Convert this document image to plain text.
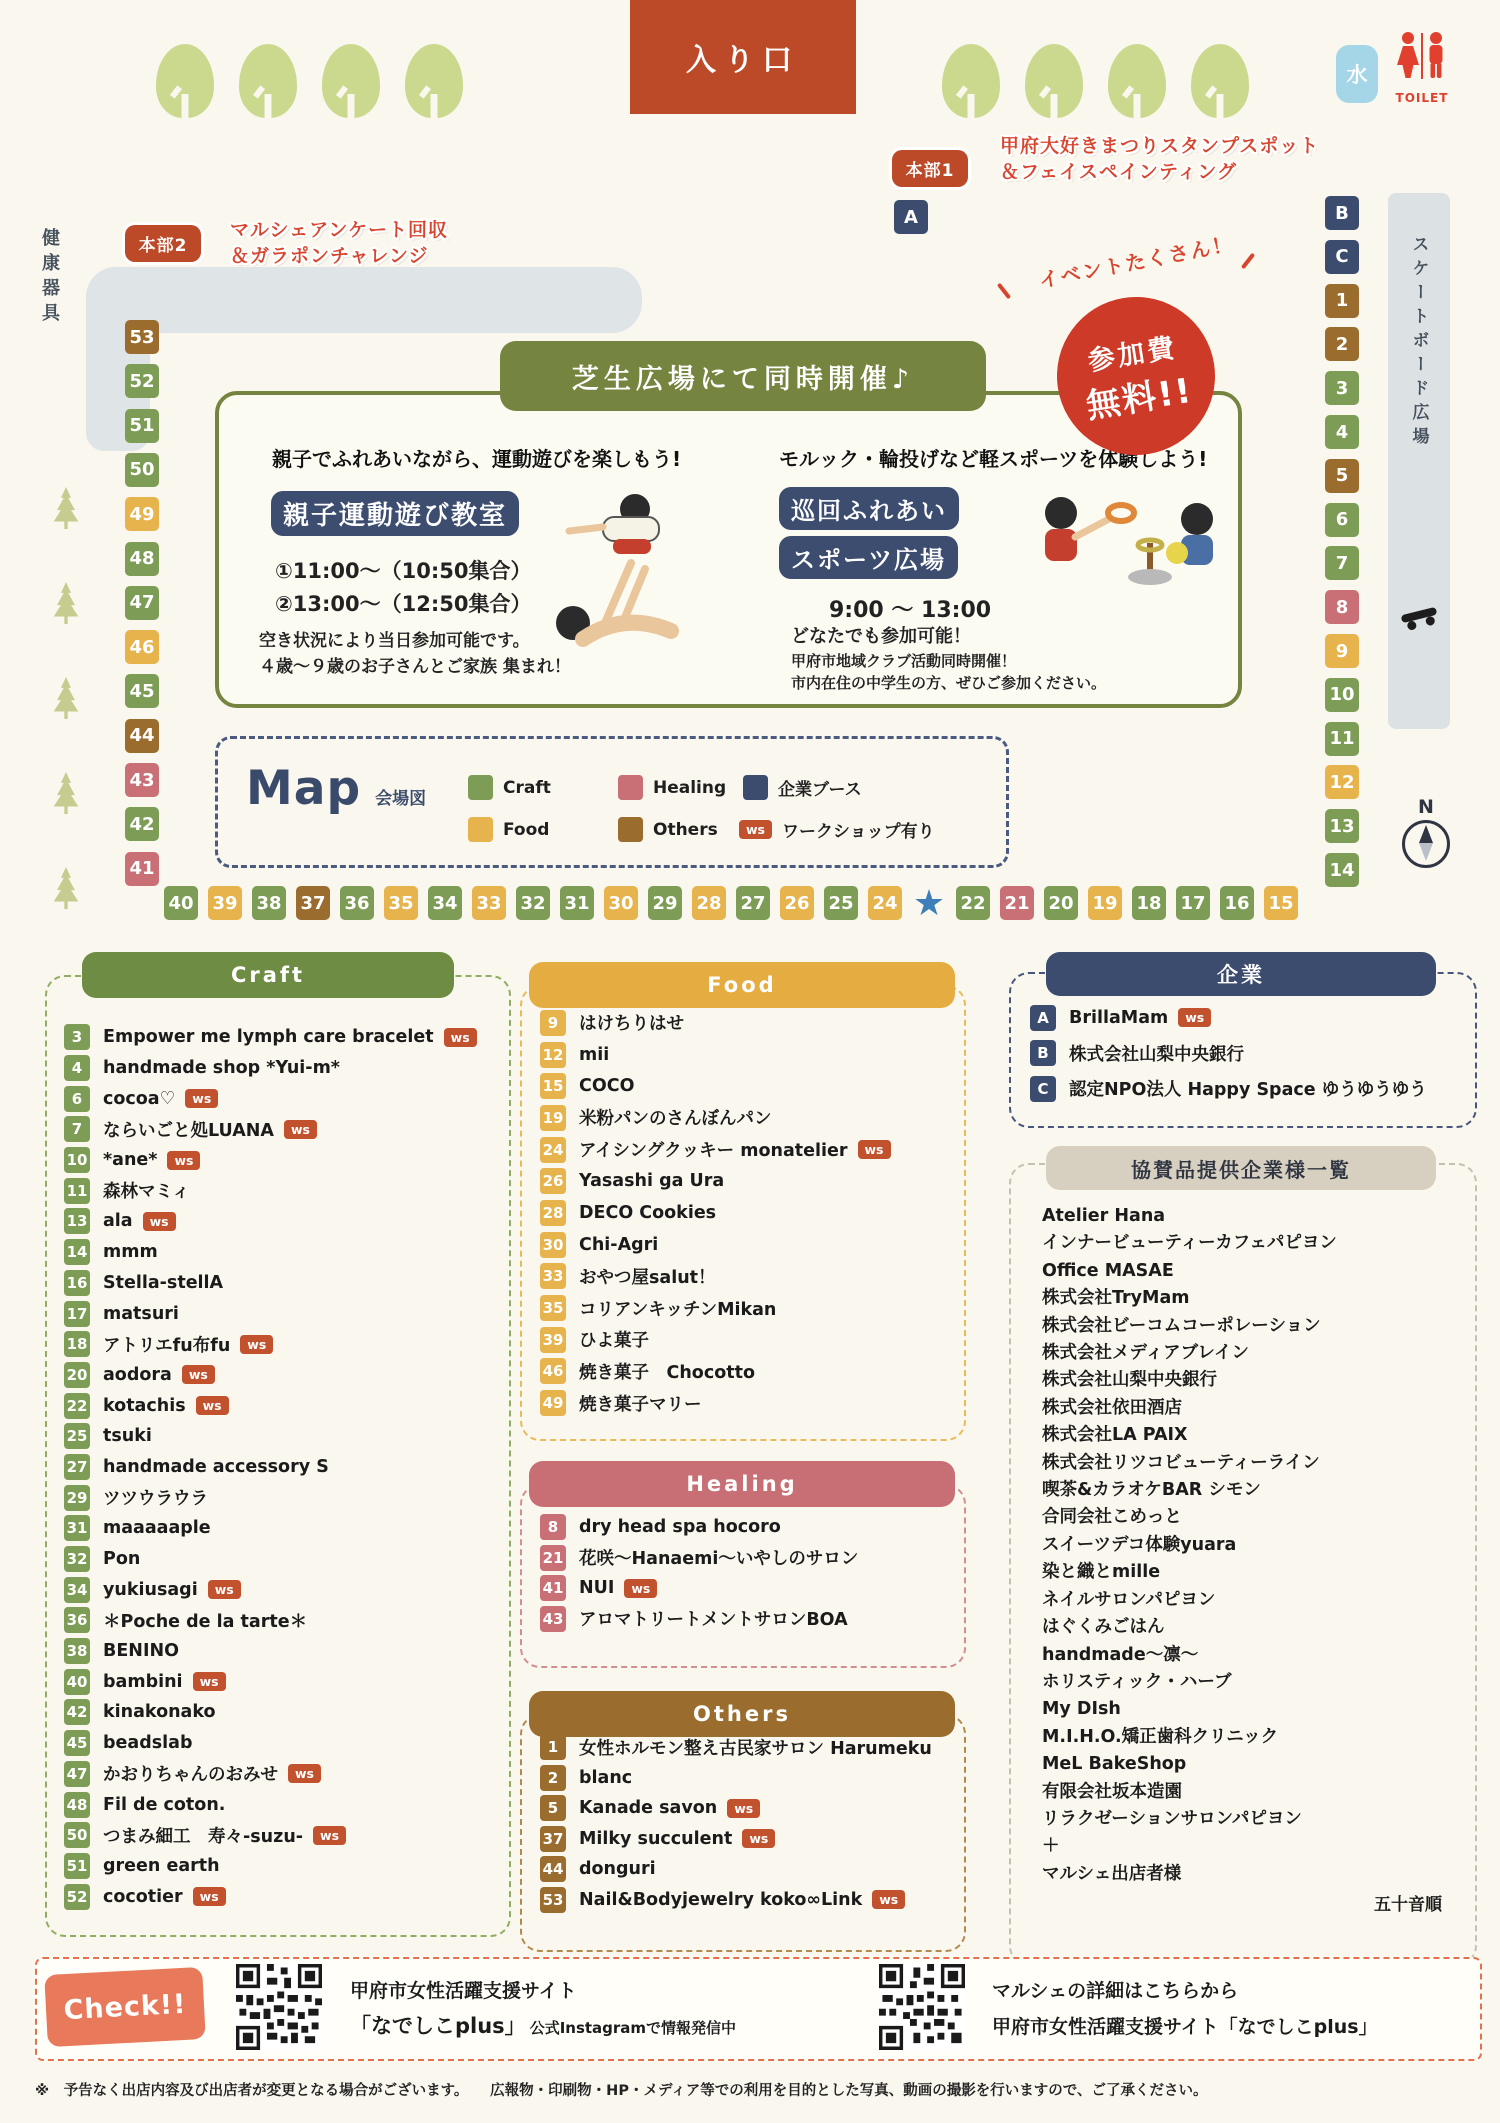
入り口	水
TOILET
本部1
甲府大好きまつりスタンプスポット
＆フェイスペインティング
本部2
マルシェアンケート回収
＆ガラポンチャレンジ
A
健康器具	スケートボード広場
N
53
52
51
50
49
48
47
46
45
44
43
42
41
B
C
1
2
3
4
5
6
7
8
9
10
11
12
13
14
40 39 38 37 36 35 34 33 32 31 30 29 28 27 26 25 24 ★ 22 21 20 19 18 17 16 15
親子でふれあいながら、運動遊びを楽しもう!
親子運動遊び教室
①11:00～（10:50集合）
②13:00～（12:50集合）
空き状況により当日参加可能です。
４歳〜９歳のお子さんとご家族 集まれ！
モルック・輪投げなど軽スポーツを体験しよう!
巡回ふれあい
スポーツ広場
9:00 ～ 13:00
どなたでも参加可能！
甲府市地域クラブ活動同時開催！
市内在住の中学生の方、ぜひご参加ください。
芝生広場にて同時開催♪
イベントたくさん！
参加費
無料!!
Map 会場図
Craft	Healing	企業ブース
Food	Others	ws	ワークショップ有り
Craft
3	Empower me lymph care bracelet	ws
4	handmade shop *Yui-m*
6	cocoa♡	ws
7	ならいごと処LUANA	ws
10 *ane*	ws
11 森林マミィ
13 ala	ws
14 mmm
16 Stella-stellA
17 matsuri
18 アトリエfu布fu	ws
20 aodora	ws
22 kotachis	ws
25 tsuki
27 handmade accessory S
29 ツツウラウラ
31 maaaaaple
32 Pon
34 yukiusagi	ws
36 ＊Poche de la tarte＊
38 BENINO
40 bambini	ws
42 kinakonako
45 beadslab
47 かおりちゃんのおみせ	ws
48 Fil de coton.
50 つまみ細工　寿々-suzu-	ws
51 green earth
52 cocotier	ws
Food
9	はけちりはせ
12 mii
15 COCO
19 米粉パンのさんぼんパン
24 アイシングクッキー monatelier	ws
26 Yasashi ga Ura
28 DECO Cookies
30 Chi-Agri
33 おやつ屋salut！
35 コリアンキッチンMikan
39 ひよ菓子
46 焼き菓子　Chocotto
49 焼き菓子マリー
Healing
8	dry head spa hocoro
21 花咲～Hanaemi～いやしのサロン
41 NUI	ws
43 アロマトリートメントサロンBOA
Others
1	女性ホルモン整え古民家サロン Harumeku
2	blanc
5	Kanade savon	ws
37 Milky succulent	ws
44 donguri
53 Nail&Bodyjewelry koko∞Link	ws
企業
A	BrillaMam	ws
B	株式会社山梨中央銀行
C	認定NPO法人 Happy Space ゆうゆうゆう
協賛品提供企業様一覧
Atelier Hana
インナービューティーカフェパピヨン
Office MASAE
株式会社TryMam
株式会社ビーコムコーポレーション
株式会社メディアブレイン
株式会社山梨中央銀行
株式会社依田酒店
株式会社LA PAIX
株式会社リツコビューティーライン
喫茶&カラオケBAR シモン
合同会社こめっと
スイーツデコ体験yuara
染と織とmille
ネイルサロンパピヨン
はぐくみごはん
handmade～凛～
ホリスティック・ハーブ
My DIsh
M.I.H.O.矯正歯科クリニック
MeL BakeShop
有限会社坂本造園
リラクゼーションサロンパピヨン
＋
マルシェ出店者様
五十音順
Check!!	甲府市女性活躍支援サイト
「なでしこplus」 公式Instagramで情報発信中
マルシェの詳細はこちらから
甲府市女性活躍支援サイト「なでしこplus」
※　予告なく出店内容及び出店者が変更となる場合がございます。　　広報物・印刷物・HP・メディア等での利用を目的とした写真、動画の撮影を行いますので、ご了承ください。
